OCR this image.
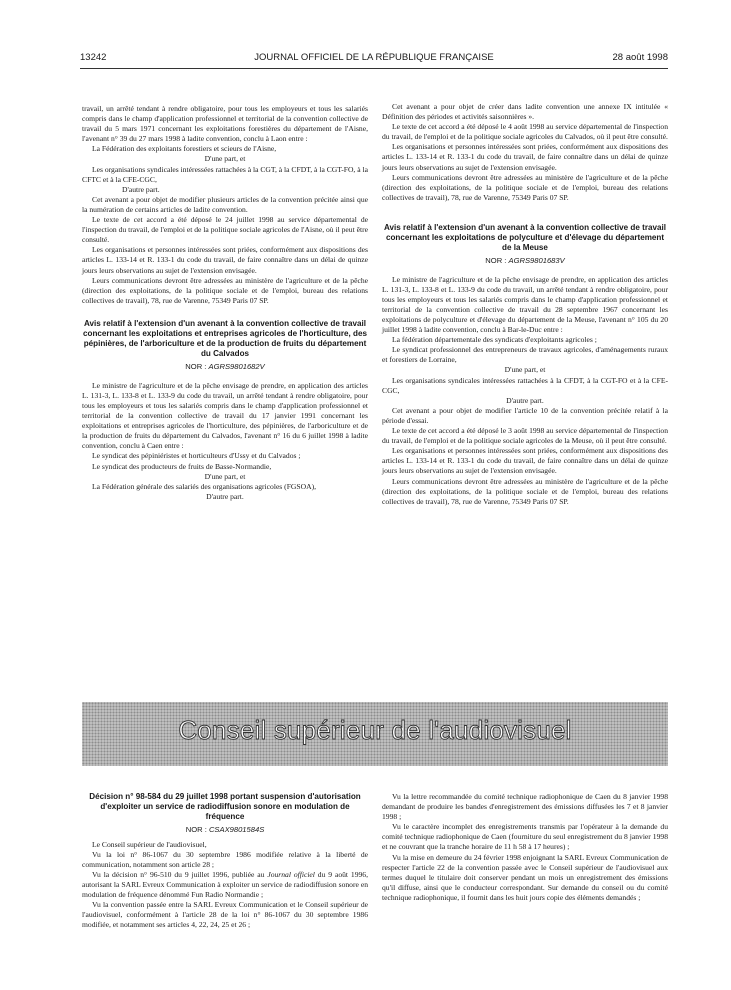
13242	JOURNAL OFFICIEL DE LA RÉPUBLIQUE FRANÇAISE	28 août 1998

travail, un arrêté tendant à rendre obligatoire, pour tous les employeurs et tous les salariés compris dans le champ d'application professionnel et territorial de la convention collective de travail du 5 mars 1971 concernant les exploitations forestières du département de l'Aisne, l'avenant n° 39 du 27 mars 1998 à ladite convention, conclu à Laon entre :

La Fédération des exploitants forestiers et scieurs de l'Aisne,

D'une part, et

Les organisations syndicales intéressées rattachées à la CGT, à la CFDT, à la CGT-FO, à la CFTC et à la CFE-CGC,

D'autre part.

Cet avenant a pour objet de modifier plusieurs articles de la convention précitée ainsi que la numération de certains articles de ladite convention.

Le texte de cet accord a été déposé le 24 juillet 1998 au service départemental de l'inspection du travail, de l'emploi et de la politique sociale agricoles de l'Aisne, où il peut être consulté.

Les organisations et personnes intéressées sont priées, conformément aux dispositions des articles L. 133-14 et R. 133-1 du code du travail, de faire connaître dans un délai de quinze jours leurs observations au sujet de l'extension envisagée.

Leurs communications devront être adressées au ministère de l'agriculture et de la pêche (direction des exploitations, de la politique sociale et de l'emploi, bureau des relations collectives de travail), 78, rue de Varenne, 75349 Paris 07 SP.

Avis relatif à l'extension d'un avenant à la convention collective de travail concernant les exploitations et entreprises agricoles de l'horticulture, des pépinières, de l'arboriculture et de la production de fruits du département du Calvados

NOR : AGRS9801682V

Le ministre de l'agriculture et de la pêche envisage de prendre, en application des articles L. 131-3, L. 133-8 et L. 133-9 du code du travail, un arrêté tendant à rendre obligatoire, pour tous les employeurs et tous les salariés compris dans le champ d'application professionnel et territorial de la convention collective de travail du 17 janvier 1991 concernant les exploitations et entreprises agricoles de l'horticulture, des pépinières, de l'arboriculture et de la production de fruits du département du Calvados, l'avenant n° 16 du 6 juillet 1998 à ladite convention, conclu à Caen entre :

Le syndicat des pépiniéristes et horticulteurs d'Ussy et du Calvados ;

Le syndicat des producteurs de fruits de Basse-Normandie,

D'une part, et

La Fédération générale des salariés des organisations agricoles (FGSOA),

D'autre part.

Cet avenant a pour objet de créer dans ladite convention une annexe IX intitulée « Définition des périodes et activités saisonnières ».

Le texte de cet accord a été déposé le 4 août 1998 au service départemental de l'inspection du travail, de l'emploi et de la politique sociale agricoles du Calvados, où il peut être consulté.

Les organisations et personnes intéressées sont priées, conformément aux dispositions des articles L. 133-14 et R. 133-1 du code du travail, de faire connaître dans un délai de quinze jours leurs observations au sujet de l'extension envisagée.

Leurs communications devront être adressées au ministère de l'agriculture et de la pêche (direction des exploitations, de la politique sociale et de l'emploi, bureau des relations collectives de travail), 78, rue de Varenne, 75349 Paris 07 SP.

Avis relatif à l'extension d'un avenant à la convention collective de travail concernant les exploitations de polyculture et d'élevage du département de la Meuse

NOR : AGRS9801683V

Le ministre de l'agriculture et de la pêche envisage de prendre, en application des articles L. 131-3, L. 133-8 et L. 133-9 du code du travail, un arrêté tendant à rendre obligatoire, pour tous les employeurs et tous les salariés compris dans le champ d'application professionnel et territorial de la convention collective de travail du 28 septembre 1967 concernant les exploitations de polyculture et d'élevage du département de la Meuse, l'avenant n° 105 du 20 juillet 1998 à ladite convention, conclu à Bar-le-Duc entre :

La fédération départementale des syndicats d'exploitants agricoles ;

Le syndicat professionnel des entrepreneurs de travaux agricoles, d'aménagements ruraux et forestiers de Lorraine,

D'une part, et

Les organisations syndicales intéressées rattachées à la CFDT, à la CGT-FO et à la CFE-CGC,

D'autre part.

Cet avenant a pour objet de modifier l'article 10 de la convention précitée relatif à la période d'essai.

Le texte de cet accord a été déposé le 3 août 1998 au service départemental de l'inspection du travail, de l'emploi et de la politique sociale agricoles de la Meuse, où il peut être consulté.

Les organisations et personnes intéressées sont priées, conformément aux dispositions des articles L. 133-14 et R. 133-1 du code du travail, de faire connaître dans un délai de quinze jours leurs observations au sujet de l'extension envisagée.

Leurs communications devront être adressées au ministère de l'agriculture et de la pêche (direction des exploitations, de la politique sociale et de l'emploi, bureau des relations collectives de travail), 78, rue de Varenne, 75349 Paris 07 SP.

Conseil supérieur de l'audiovisuel
Décision n° 98-584 du 29 juillet 1998 portant suspension d'autorisation d'exploiter un service de radiodiffusion sonore en modulation de fréquence

NOR : CSAX9801584S

Le Conseil supérieur de l'audiovisuel,

Vu la loi n° 86-1067 du 30 septembre 1986 modifiée relative à la liberté de communication, notamment son article 28 ;

Vu la décision n° 96-510 du 9 juillet 1996, publiée au Journal officiel du 9 août 1996, autorisant la SARL Evreux Communication à exploiter un service de radiodiffusion sonore en modulation de fréquence dénommé Fun Radio Normandie ;

Vu la convention passée entre la SARL Evreux Communication et le Conseil supérieur de l'audiovisuel, conformément à l'article 28 de la loi n° 86-1067 du 30 septembre 1986 modifiée, et notamment ses articles 4, 22, 24, 25 et 26 ;

Vu la lettre recommandée du comité technique radiophonique de Caen du 8 janvier 1998 demandant de produire les bandes d'enregistrement des émissions diffusées les 7 et 8 janvier 1998 ;

Vu le caractère incomplet des enregistrements transmis par l'opérateur à la demande du comité technique radiophonique de Caen (fourniture du seul enregistrement du 8 janvier 1998 et ne couvrant que la tranche horaire de 11 h 58 à 17 heures) ;

Vu la mise en demeure du 24 février 1998 enjoignant la SARL Evreux Communication de respecter l'article 22 de la convention passée avec le Conseil supérieur de l'audiovisuel aux termes duquel le titulaire doit conserver pendant un mois un enregistrement des émissions qu'il diffuse, ainsi que le conducteur correspondant. Sur demande du conseil ou du comité technique radiophonique, il fournit dans les huit jours copie des éléments demandés ;
